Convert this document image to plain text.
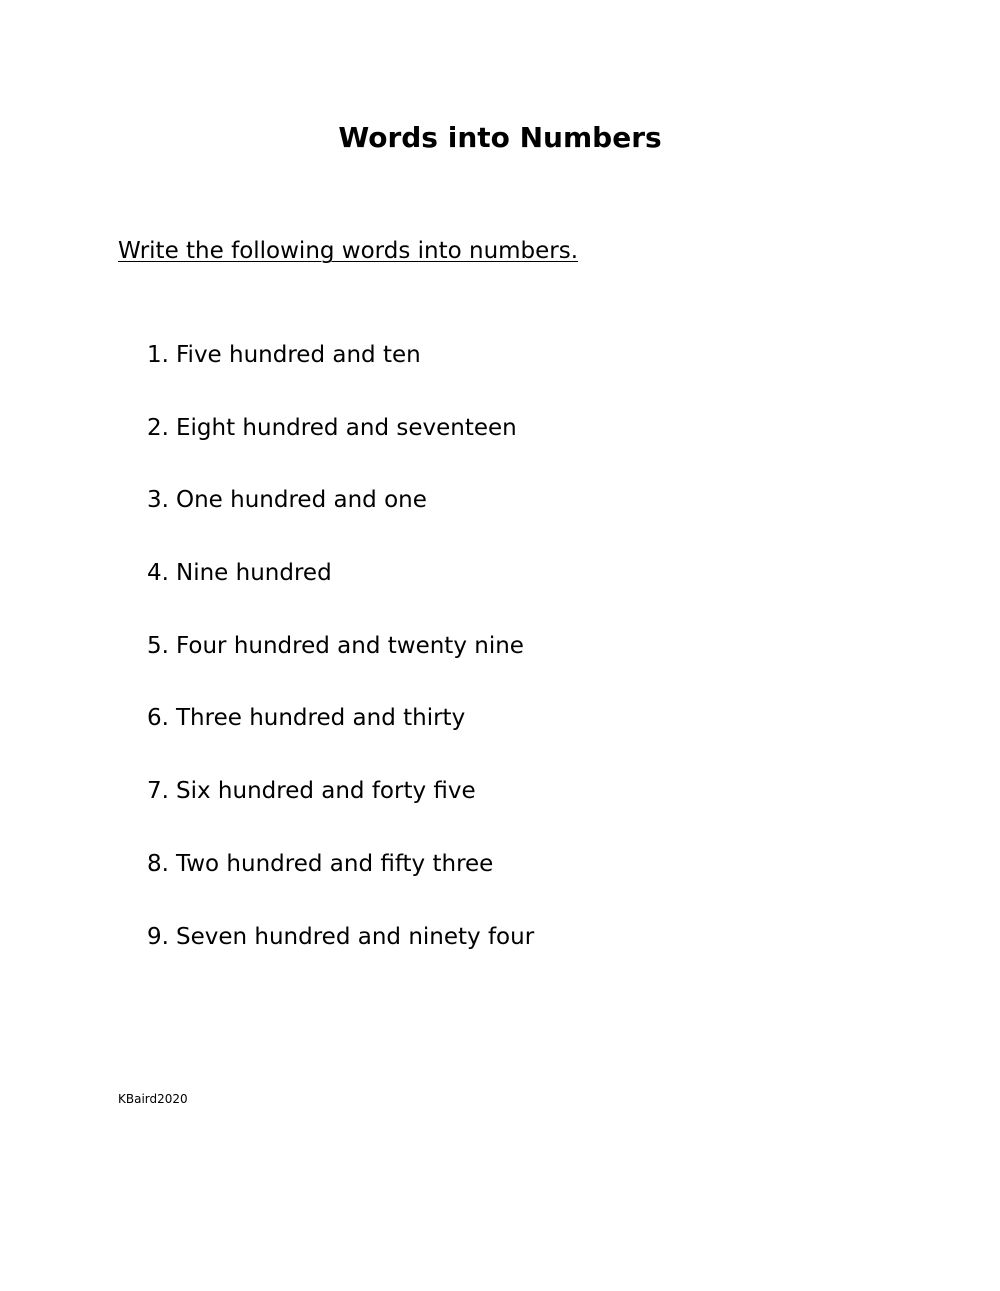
Words into Numbers

Write the following words into numbers.

1. Five hundred and ten
2. Eight hundred and seventeen
3. One hundred and one
4. Nine hundred
5. Four hundred and twenty nine
6. Three hundred and thirty
7. Six hundred and forty five
8. Two hundred and fifty three
9. Seven hundred and ninety four

KBaird2020
